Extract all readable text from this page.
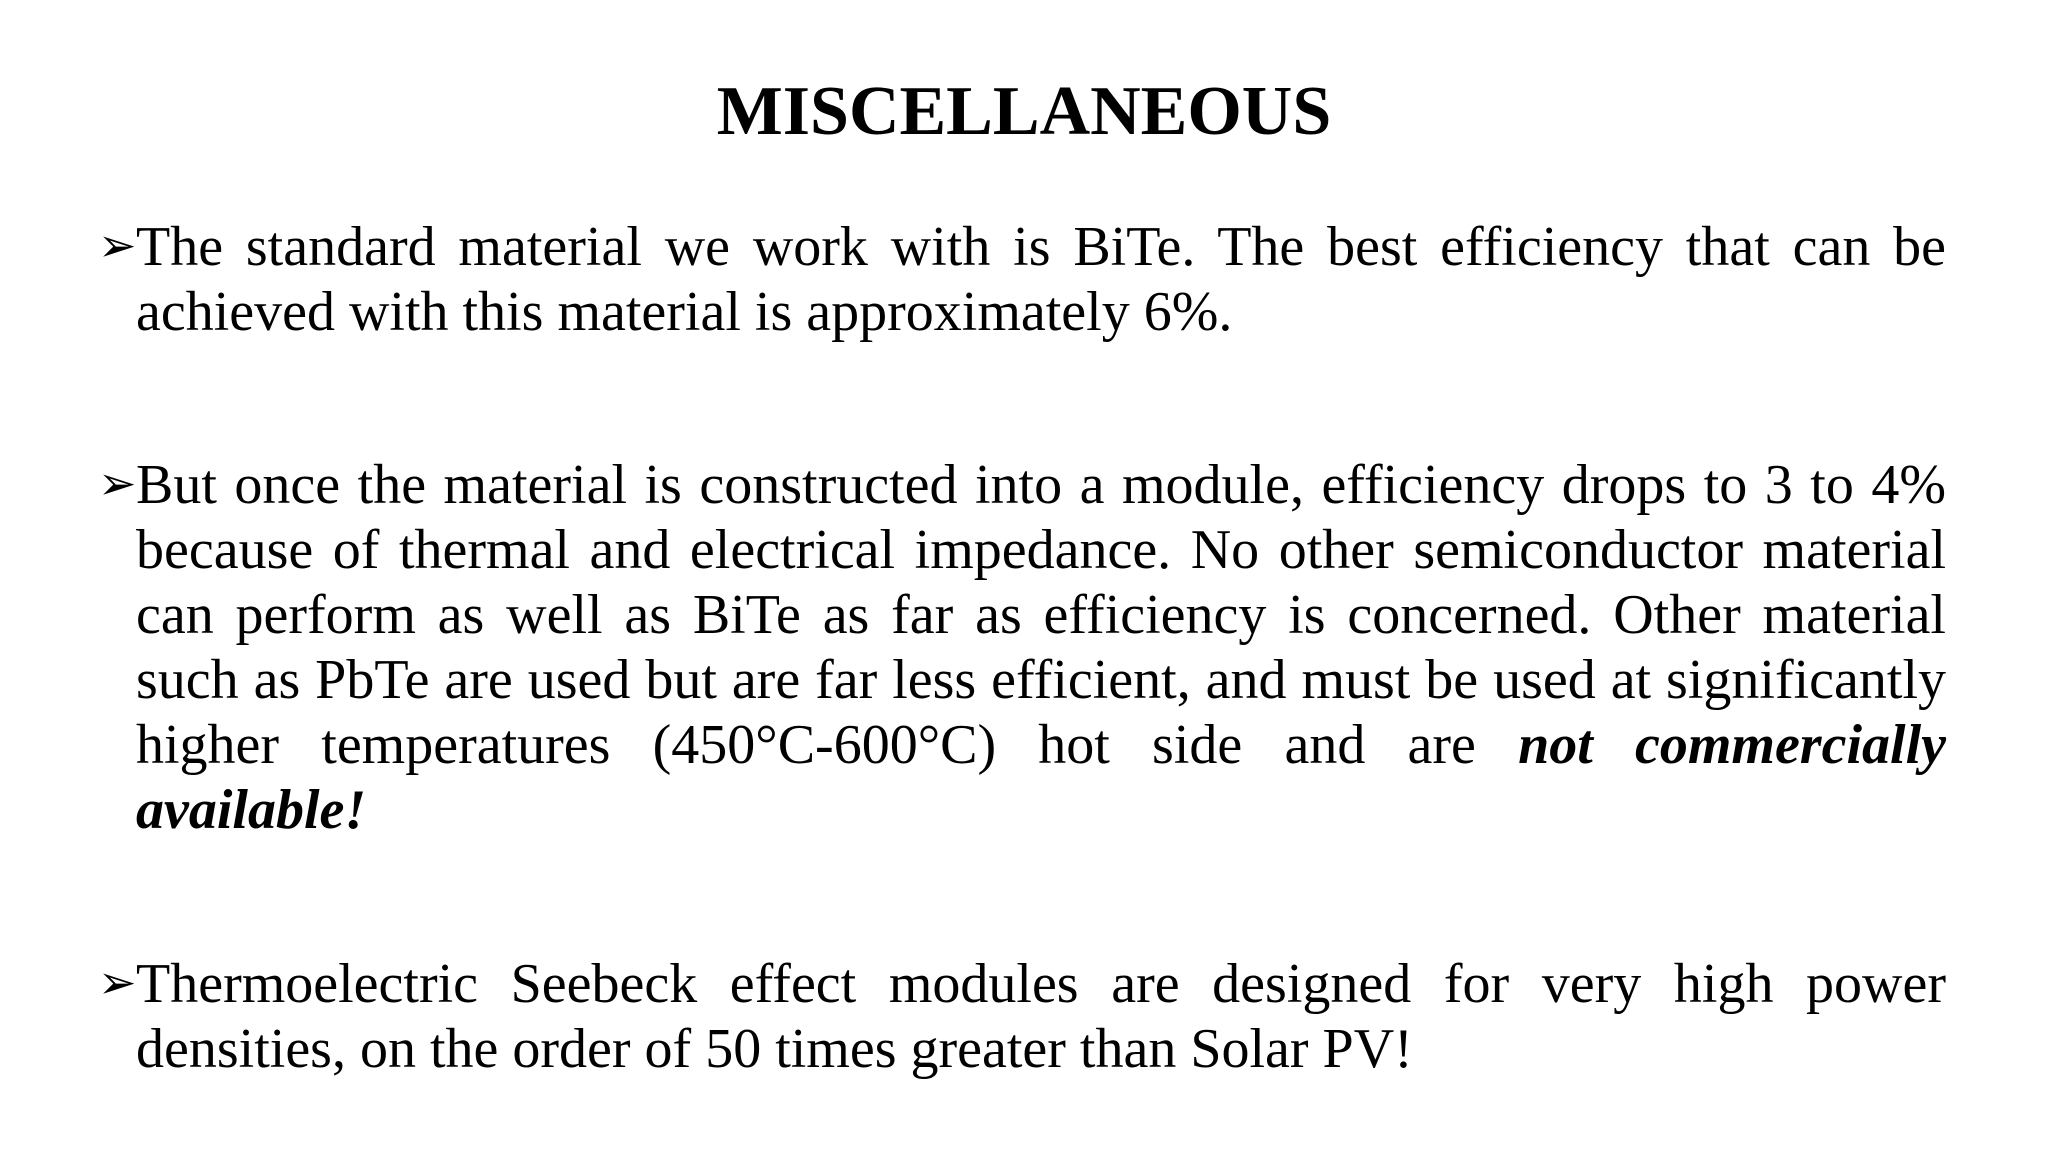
MISCELLANEOUS

➢The standard material we work with is BiTe. The best efficiency that can be achieved with this material is approximately 6%.

➢But once the material is constructed into a module, efficiency drops to 3 to 4% because of thermal and electrical impedance. No other semiconductor material can perform as well as BiTe as far as efficiency is concerned. Other material such as PbTe are used but are far less efficient, and must be used at significantly higher temperatures (450°C-600°C) hot side and are not commercially available!

➢Thermoelectric Seebeck effect modules are designed for very high power densities, on the order of 50 times greater than Solar PV!
